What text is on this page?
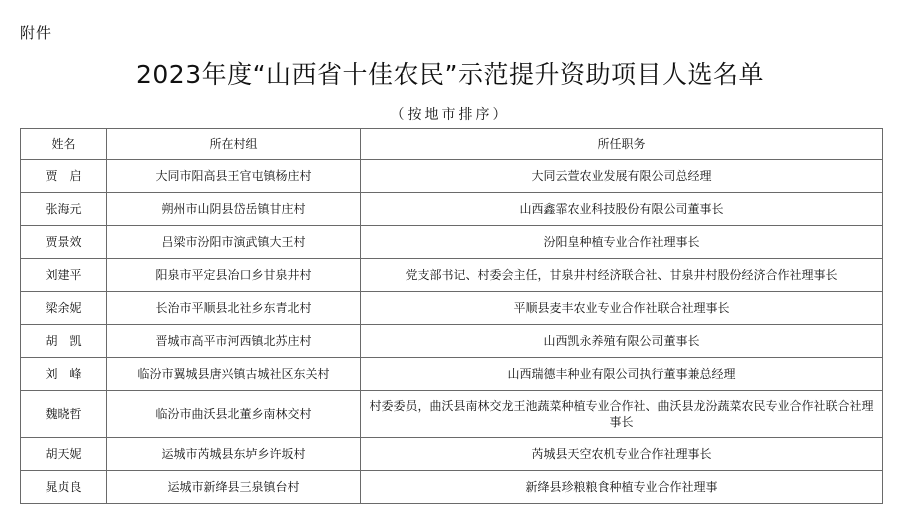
附件
2023年度“山西省十佳农民”示范提升资助项目人选名单
（按地市排序）
姓名	所在村组	所任职务
贾　启	大同市阳高县王官屯镇杨庄村	大同云萱农业发展有限公司总经理
张海元	朔州市山阴县岱岳镇甘庄村	山西鑫霏农业科技股份有限公司董事长
贾景效	吕梁市汾阳市演武镇大王村	汾阳皇种植专业合作社理事长
刘建平	阳泉市平定县冶口乡甘泉井村	党支部书记、村委会主任，甘泉井村经济联合社、甘泉井村股份经济合作社理事长
梁余妮	长治市平顺县北社乡东青北村	平顺县麦丰农业专业合作社联合社理事长
胡　凯	晋城市高平市河西镇北苏庄村	山西凯永养殖有限公司董事长
刘　峰	临汾市翼城县唐兴镇古城社区东关村	山西瑞德丰种业有限公司执行董事兼总经理
魏晓哲	临汾市曲沃县北董乡南林交村	村委委员，曲沃县南林交龙王池蔬菜种植专业合作社、曲沃县龙汾蔬菜农民专业合作社联合社理事长
胡天妮	运城市芮城县东垆乡许坂村	芮城县天空农机专业合作社理事长
晁贞良	运城市新绛县三泉镇台村	新绛县珍粮粮食种植专业合作社理事
